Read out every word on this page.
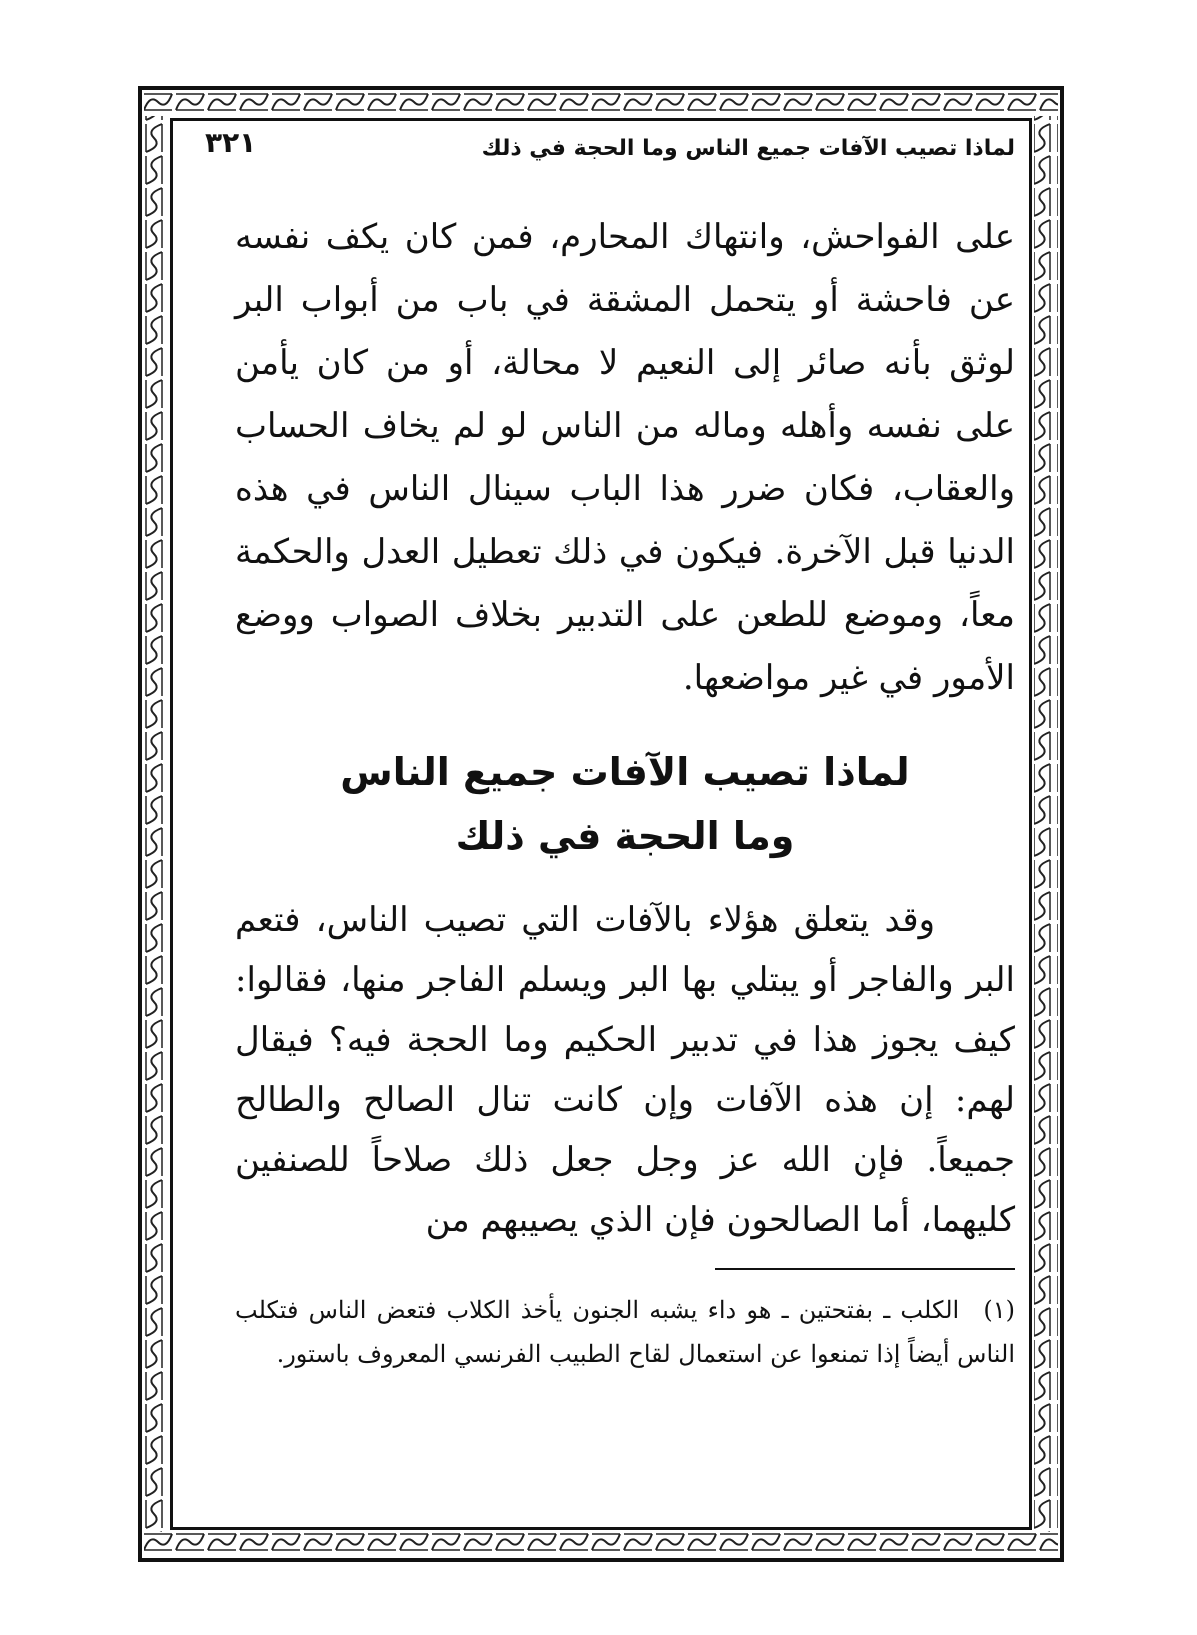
لماذا تصيب الآفات جميع الناس وما الحجة في ذلك
٣٢١

على الفواحش، وانتهاك المحارم، فمن كان يكف نفسه عن فاحشة أو يتحمل المشقة في باب من أبواب البر لوثق بأنه صائر إلى النعيم لا محالة، أو من كان يأمن على نفسه وأهله وماله من الناس لو لم يخاف الحساب والعقاب، فكان ضرر هذا الباب سينال الناس في هذه الدنيا قبل الآخرة. فيكون في ذلك تعطيل العدل والحكمة معاً، وموضع للطعن على التدبير بخلاف الصواب ووضع الأمور في غير مواضعها.

لماذا تصيب الآفات جميع الناس
وما الحجة في ذلك

وقد يتعلق هؤلاء بالآفات التي تصيب الناس، فتعم البر والفاجر أو يبتلي بها البر ويسلم الفاجر منها، فقالوا: كيف يجوز هذا في تدبير الحكيم وما الحجة فيه؟ فيقال لهم: إن هذه الآفات وإن كانت تنال الصالح والطالح جميعاً. فإن الله عز وجل جعل ذلك صلاحاً للصنفين كليهما، أما الصالحون فإن الذي يصيبهم من

(١) الكلب ـ بفتحتين ـ هو داء يشبه الجنون يأخذ الكلاب فتعض الناس فتكلب الناس أيضاً إذا تمنعوا عن استعمال لقاح الطبيب الفرنسي المعروف باستور.
